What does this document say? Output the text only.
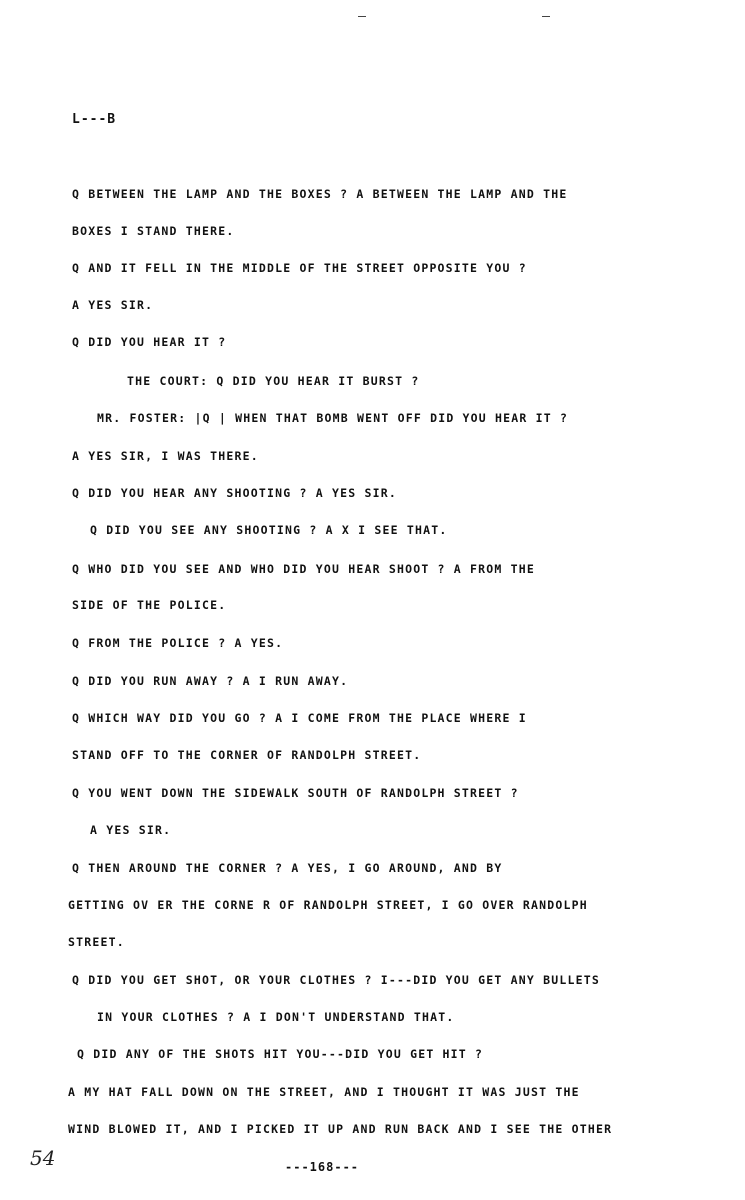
L---B
Q BETWEEN THE LAMP AND THE BOXES ? A BETWEEN THE LAMP AND THE
BOXES I STAND THERE.
Q AND IT FELL IN THE MIDDLE OF THE STREET OPPOSITE YOU ?
A YES SIR.
Q DID YOU HEAR IT ?
THE COURT: Q DID YOU HEAR IT BURST ?
MR. FOSTER: |Q | WHEN THAT BOMB WENT OFF DID YOU HEAR IT ?
A YES SIR, I WAS THERE.
Q DID YOU HEAR ANY SHOOTING ? A YES SIR.
Q DID YOU SEE ANY SHOOTING ? A X I SEE THAT.
Q WHO DID YOU SEE AND WHO DID YOU HEAR SHOOT ? A FROM THE
SIDE OF THE POLICE.
Q FROM THE POLICE ? A YES.
Q DID YOU RUN AWAY ? A I RUN AWAY.
Q WHICH WAY DID YOU GO ? A I COME FROM THE PLACE WHERE I
STAND OFF TO THE CORNER OF RANDOLPH STREET.
Q YOU WENT DOWN THE SIDEWALK SOUTH OF RANDOLPH STREET ?
A YES SIR.
Q THEN AROUND THE CORNER ? A YES, I GO AROUND, AND BY
GETTING OV ER THE CORNE R OF RANDOLPH STREET, I GO OVER RANDOLPH
STREET.
Q DID YOU GET SHOT, OR YOUR CLOTHES ? I---DID YOU GET ANY BULLETS
IN YOUR CLOTHES ? A I DON'T UNDERSTAND THAT.
Q DID ANY OF THE SHOTS HIT YOU---DID YOU GET HIT ?
A MY HAT FALL DOWN ON THE STREET, AND I THOUGHT IT WAS JUST THE
WIND BLOWED IT, AND I PICKED IT UP AND RUN BACK AND I SEE THE OTHER
54	---168---
